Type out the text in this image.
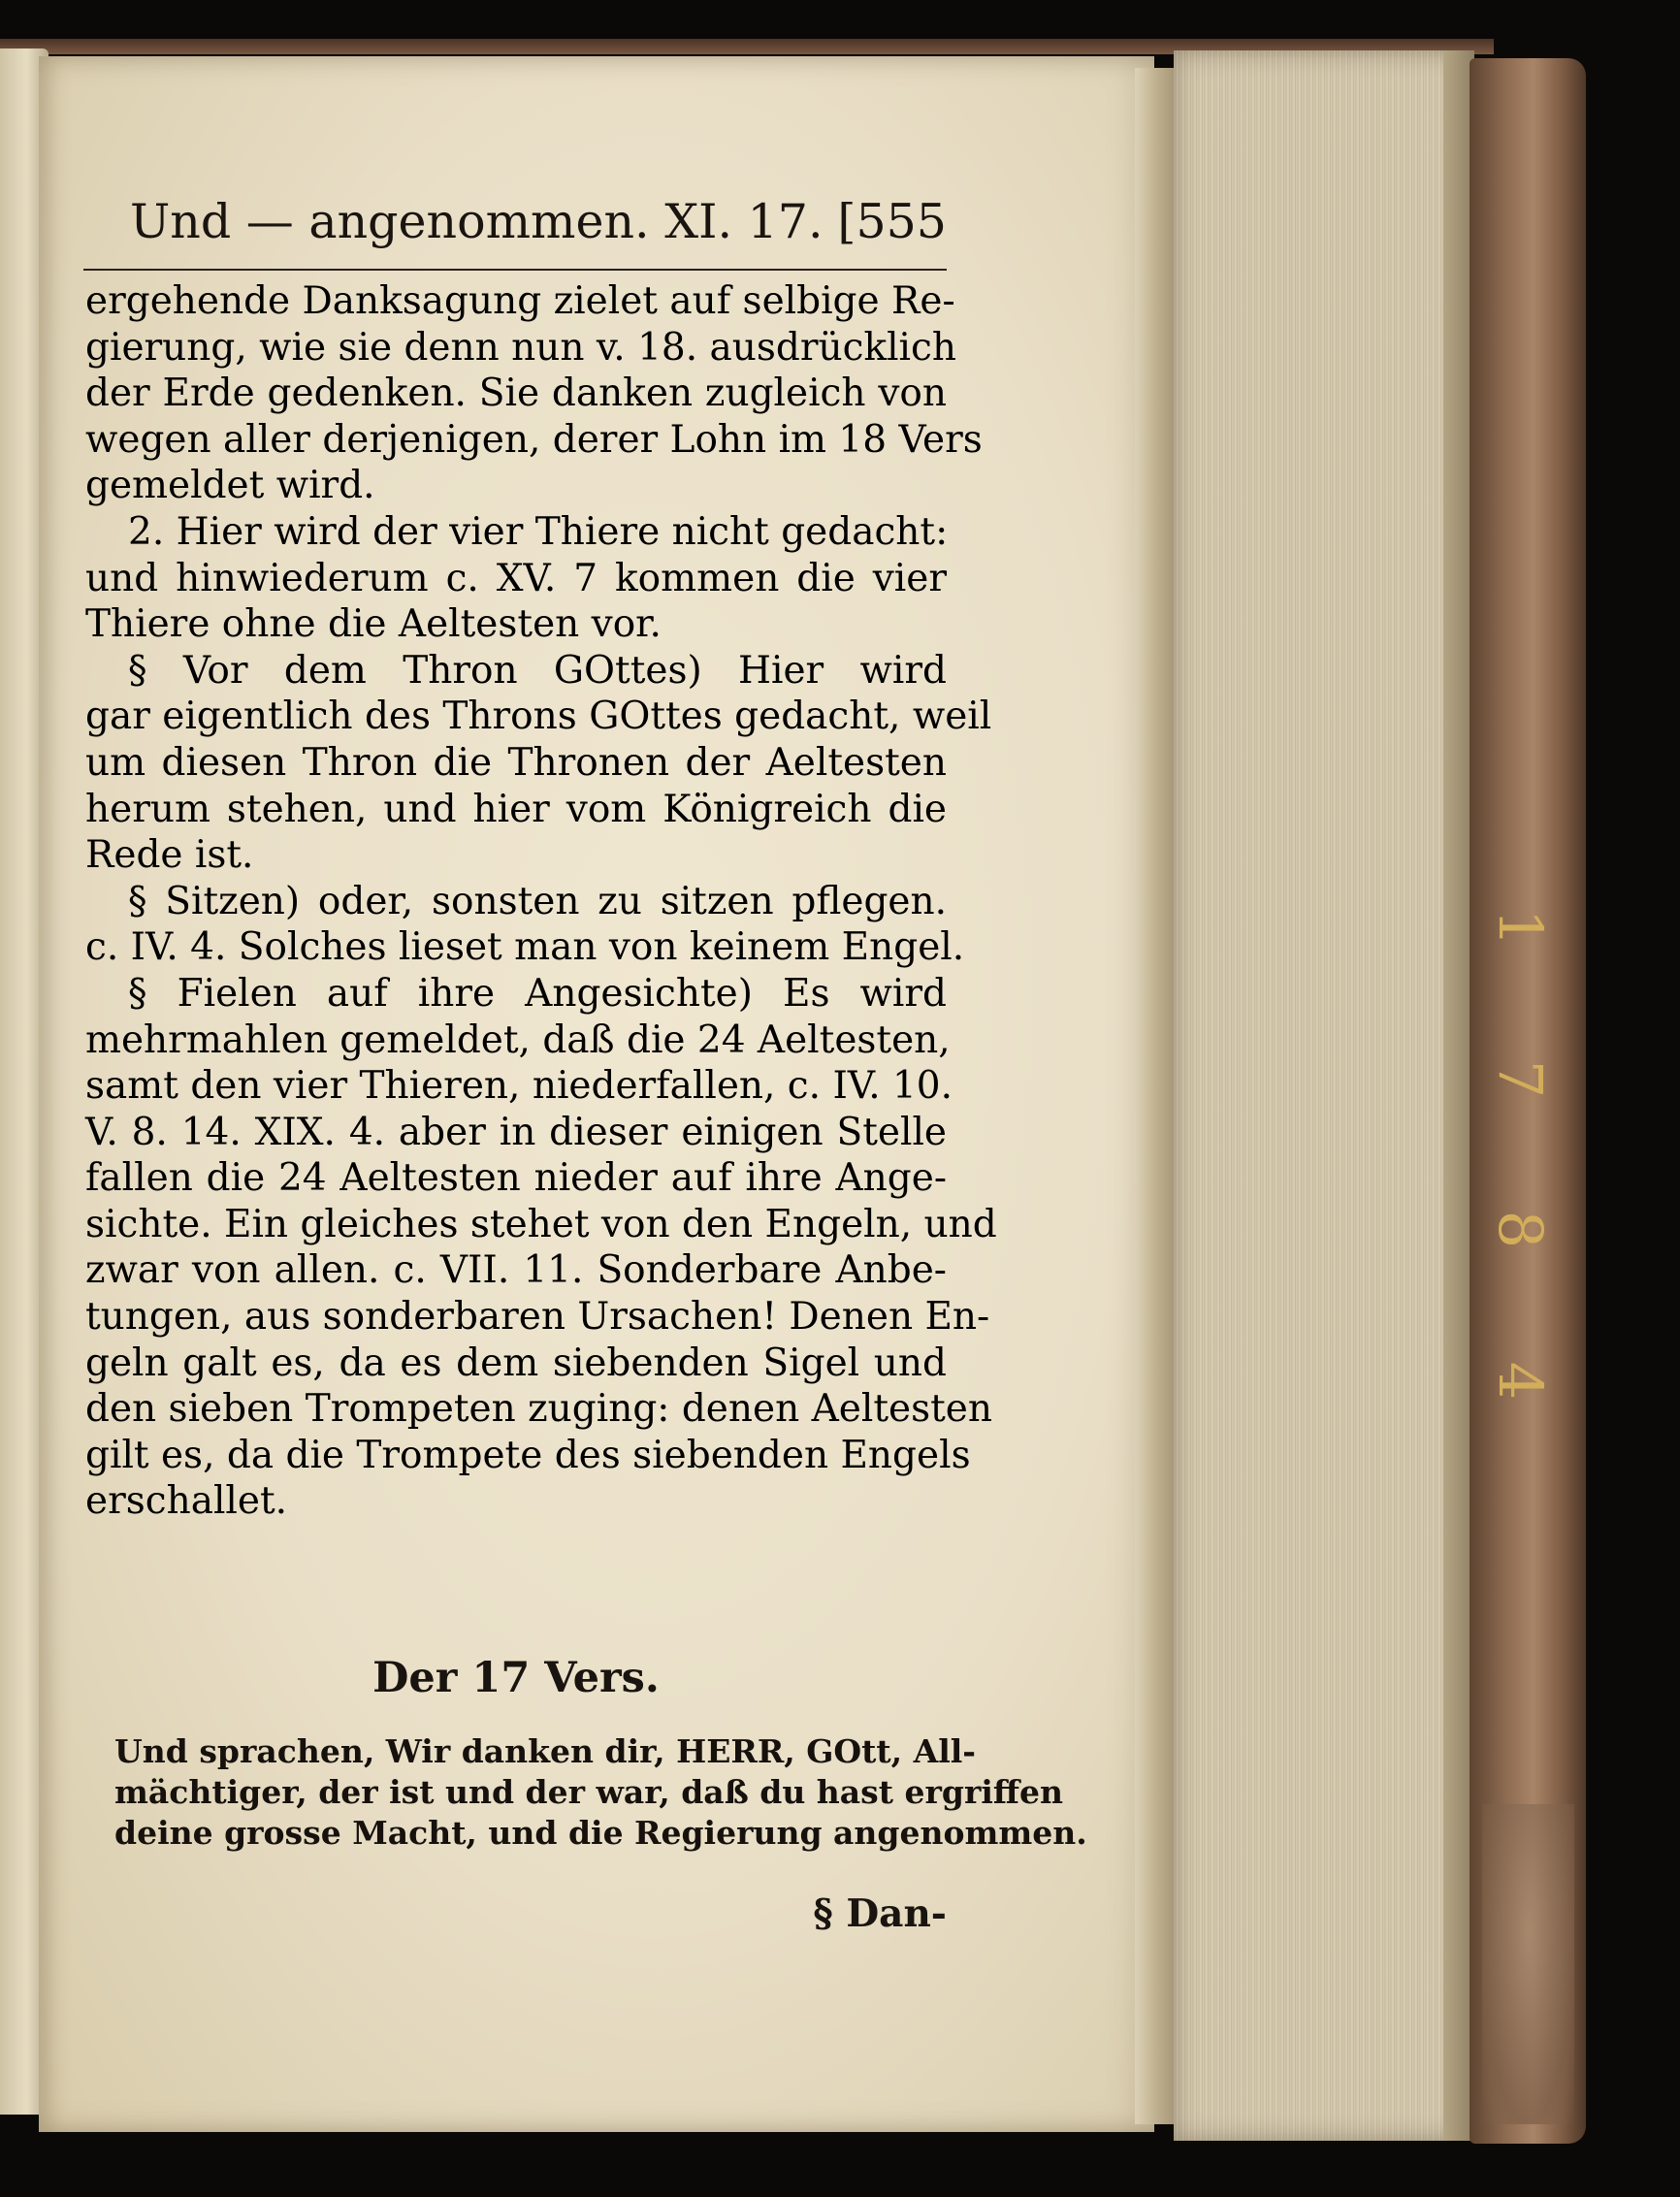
1
7
8
4
Und — angenommen. XI. 17. [555
ergehende Danksagung zielet auf selbige Re-
gierung, wie sie denn nun v. 18. ausdrücklich
der Erde gedenken. Sie danken zugleich von
wegen aller derjenigen, derer Lohn im 18 Vers
gemeldet wird.
2. Hier wird der vier Thiere nicht gedacht:
und hinwiederum c. XV. 7 kommen die vier
Thiere ohne die Aeltesten vor.
§ Vor dem Thron GOttes) Hier wird
gar eigentlich des Throns GOttes gedacht, weil
um diesen Thron die Thronen der Aeltesten
herum stehen, und hier vom Königreich die
Rede ist.
§ Sitzen) oder, sonsten zu sitzen pflegen.
c. IV. 4. Solches lieset man von keinem Engel.
§ Fielen auf ihre Angesichte) Es wird
mehrmahlen gemeldet, daß die 24 Aeltesten,
samt den vier Thieren, niederfallen, c. IV. 10.
V. 8. 14. XIX. 4. aber in dieser einigen Stelle
fallen die 24 Aeltesten nieder auf ihre Ange-
sichte. Ein gleiches stehet von den Engeln, und
zwar von allen. c. VII. 11. Sonderbare Anbe-
tungen, aus sonderbaren Ursachen! Denen En-
geln galt es, da es dem siebenden Sigel und
den sieben Trompeten zuging: denen Aeltesten
gilt es, da die Trompete des siebenden Engels
erschallet.
Der 17 Vers.
Und sprachen, Wir danken dir, HERR, GOtt, All-
mächtiger, der ist und der war, daß du hast ergriffen
deine grosse Macht, und die Regierung angenommen.
§ Dan-
